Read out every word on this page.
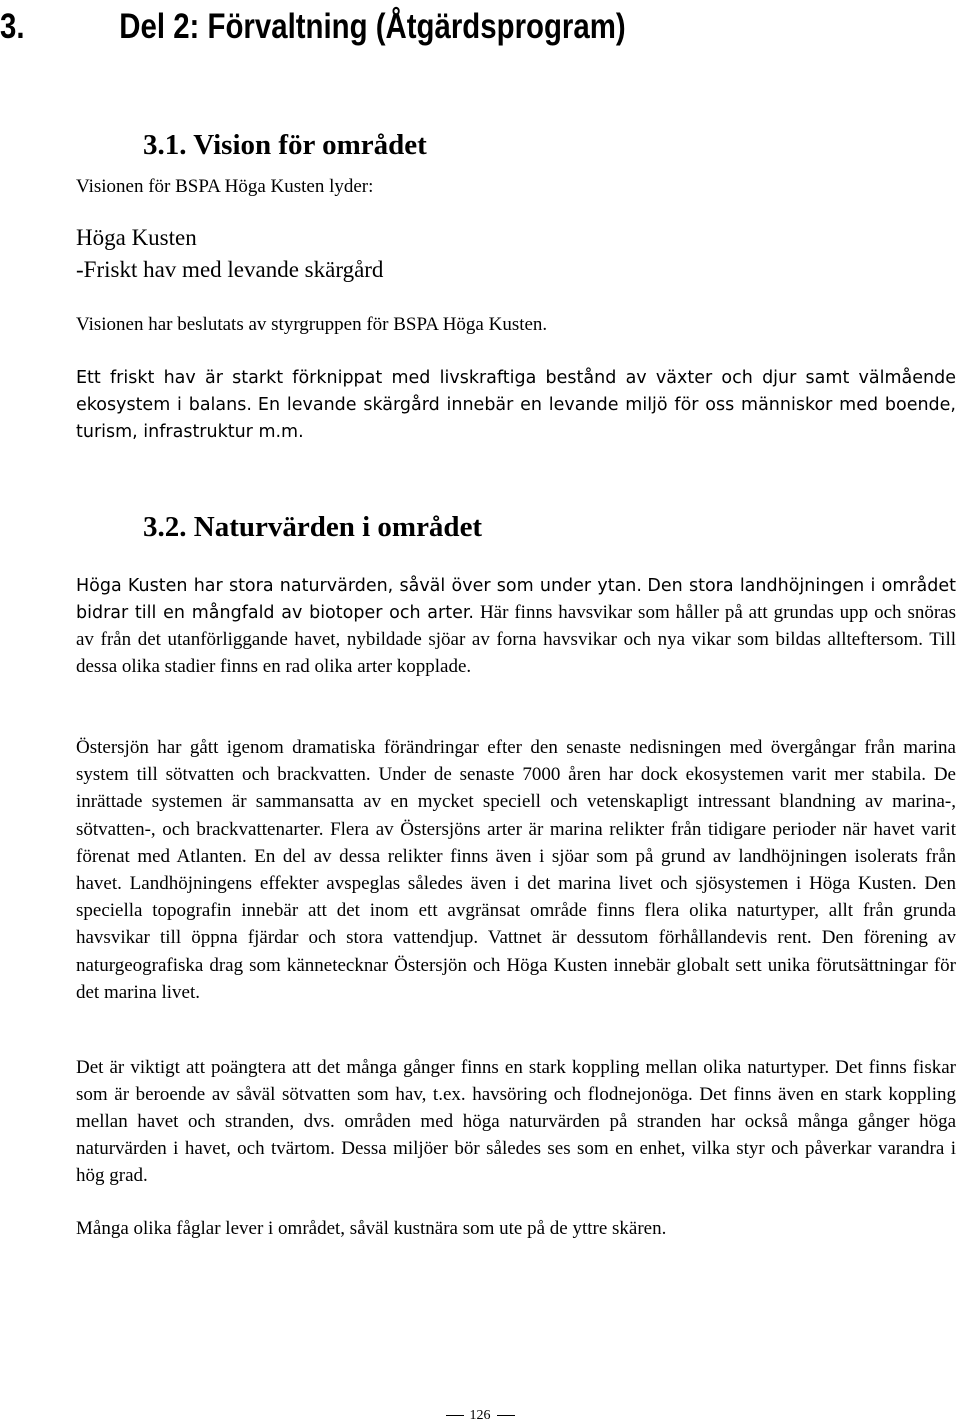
3.	Del 2: Förvaltning (Åtgärdsprogram)
3.1. Vision för området

Visionen för BSPA Höga Kusten lyder:

Höga Kusten
-Friskt hav med levande skärgård

Visionen har beslutats av styrgruppen för BSPA Höga Kusten.

Ett friskt hav är starkt förknippat med livskraftiga bestånd av växter och djur samt välmående ekosystem i balans. En levande skärgård innebär en levande miljö för oss människor med boende, turism, infrastruktur m.m.

3.2. Naturvärden i området

Höga Kusten har stora naturvärden, såväl över som under ytan. Den stora landhöjningen i området bidrar till en mångfald av biotoper och arter. Här finns havsvikar som håller på att grundas upp och snöras av från det utanförliggande havet, nybildade sjöar av forna havsvikar och nya vikar som bildas allteftersom. Till dessa olika stadier finns en rad olika arter kopplade.

Östersjön har gått igenom dramatiska förändringar efter den senaste nedisningen med övergångar från marina system till sötvatten och brackvatten. Under de senaste 7000 åren har dock ekosystemen varit mer stabila. De inrättade systemen är sammansatta av en mycket speciell och vetenskapligt intressant blandning av marina-, sötvatten-, och brackvattenarter. Flera av Östersjöns arter är marina relikter från tidigare perioder när havet varit förenat med Atlanten. En del av dessa relikter finns även i sjöar som på grund av landhöjningen isolerats från havet. Landhöjningens effekter avspeglas således även i det marina livet och sjösystemen i Höga Kusten. Den speciella topografin innebär att det inom ett avgränsat område finns flera olika naturtyper, allt från grunda havsvikar till öppna fjärdar och stora vattendjup. Vattnet är dessutom förhållandevis rent. Den förening av naturgeografiska drag som kännetecknar Östersjön och Höga Kusten innebär globalt sett unika förutsättningar för det marina livet.

Det är viktigt att poängtera att det många gånger finns en stark koppling mellan olika naturtyper. Det finns fiskar som är beroende av såväl sötvatten som hav, t.ex. havsöring och flodnejonöga. Det finns även en stark koppling mellan havet och stranden, dvs. områden med höga naturvärden på stranden har också många gånger höga naturvärden i havet, och tvärtom. Dessa miljöer bör således ses som en enhet, vilka styr och påverkar varandra i hög grad.

Många olika fåglar lever i området, såväl kustnära som ute på de yttre skären.

126
